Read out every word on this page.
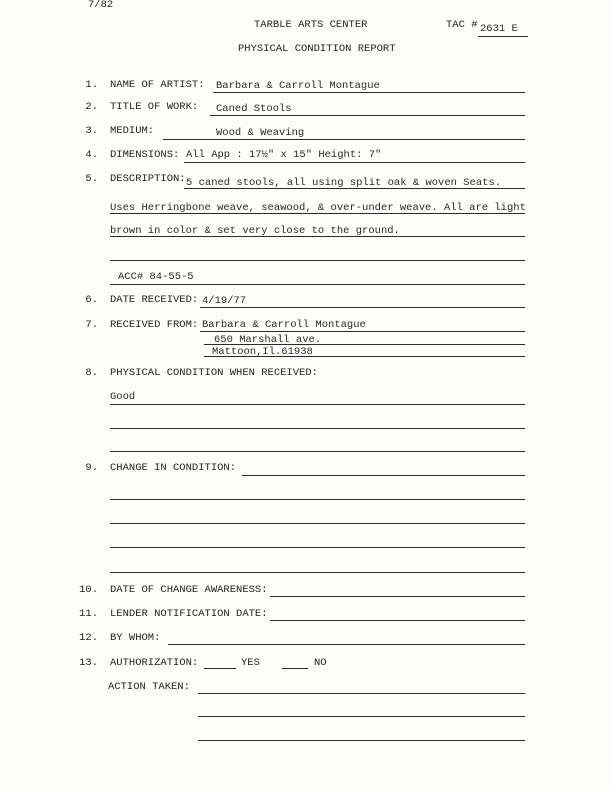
7/82
TARBLE ARTS CENTER	TAC # 2631 E
PHYSICAL CONDITION REPORT
1. NAME OF ARTIST: Barbara & Carroll Montague
2. TITLE OF WORK: Caned Stools
3. MEDIUM:	Wood & Weaving
4. DIMENSIONS: All App : 17½" x 15" Height: 7"
5. DESCRIPTION: 5 caned stools, all using split oak & woven Seats.
Uses Herringbone weave, seawood, & over-under weave. All are light
brown in color & set very close to the ground.
ACC# 84-55-5
6. DATE RECEIVED: 4/19/77
7. RECEIVED FROM: Barbara & Carroll Montague
650 Marshall ave.
Mattoon,Il.61938
8. PHYSICAL CONDITION WHEN RECEIVED:
Good
9. CHANGE IN CONDITION:
10. DATE OF CHANGE AWARENESS:
11. LENDER NOTIFICATION DATE:
12. BY WHOM:
13. AUTHORIZATION:	YES	NO
ACTION TAKEN:
